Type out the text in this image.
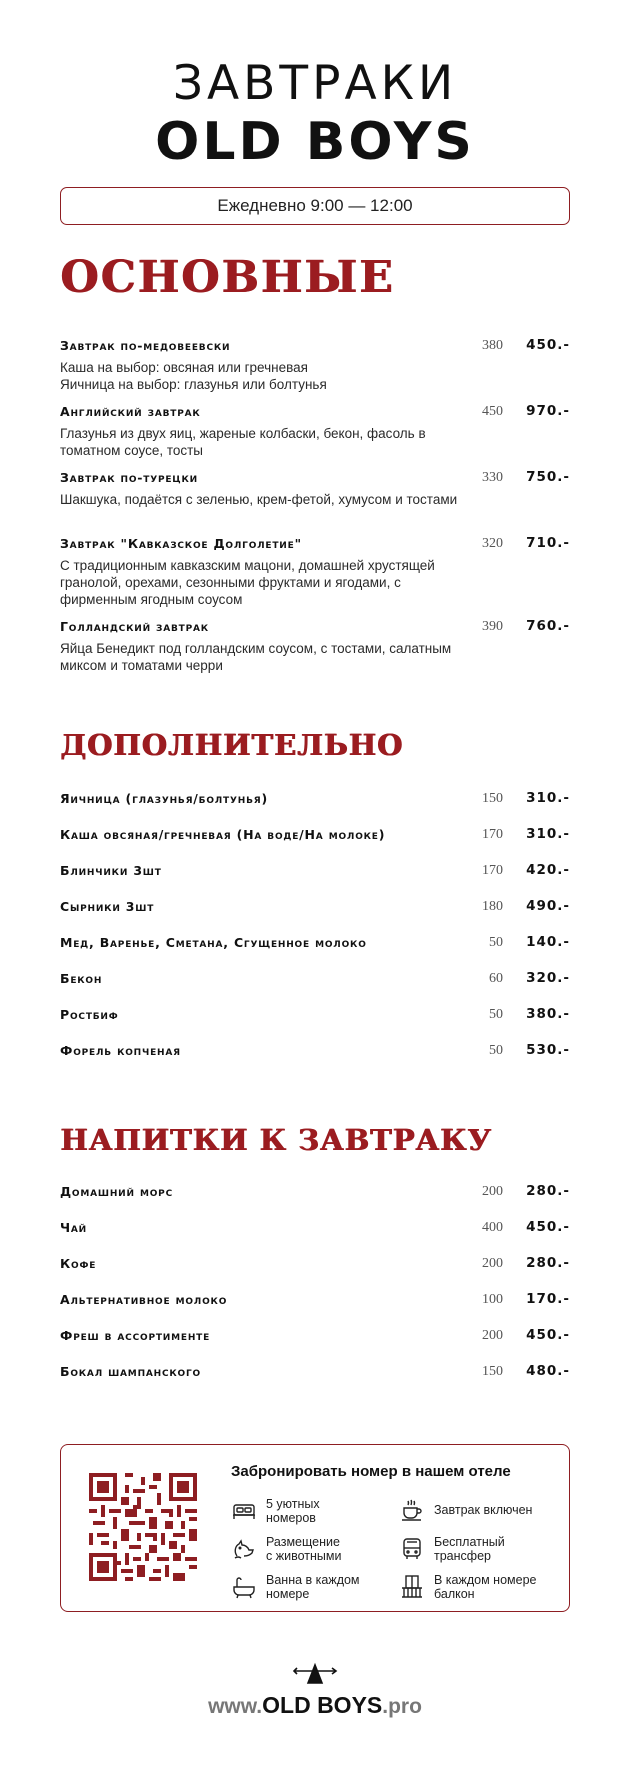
ЗАВТРАКИ
OLD BOYS
Ежедневно 9:00 — 12:00
ОСНОВНЫЕ
ДОПОЛНИТЕЛЬНО
НАПИТКИ К ЗАВТРАКУ
Завтрак по-медовеевски
Каша на выбор: овсяная или гречневая
Яичница на выбор: глазунья или болтунья
380 450.-
Английский завтрак
Глазунья из двух яиц, жареные колбаски, бекон, фасоль в томатном соусе, тосты
450 970.-
Завтрак по-турецки
Шакшука, подаётся с зеленью, крем-фетой, хумусом и тостами
330 750.-
Завтрак "Кавказское Долголетие"
С традиционным кавказским мацони, домашней хрустящей гранолой, орехами, сезонными фруктами и ягодами, с фирменным ягодным соусом
320 710.-
Голландский завтрак
Яйца Бенедикт под голландским соусом, с тостами, салатным миксом и томатами черри
390 760.-
Яичница (глазунья/болтунья)	150 310.-
Каша овсяная/гречневая (На воде/На молоке)	170 310.-
Блинчики 3шт	170 420.-
Сырники 3шт	180 490.-
Мед, Варенье, Сметана, Сгущенное молоко	50 140.-
Бекон	60 320.-
Ростбиф	50 380.-
Форель копченая	50 530.-
Домашний морс	200 280.-
Чай	400 450.-
Кофе	200 280.-
Альтернативное молоко	100 170.-
Фреш в ассортименте	200 450.-
Бокал шампанского	150 480.-
Забронировать номер в нашем отеле
5 уютных
номеров
Завтрак включен
Размещение
с животными
Бесплатный
трансфер
Ванна в каждом
номере
В каждом номере
балкон
www.OLD BOYS.pro
